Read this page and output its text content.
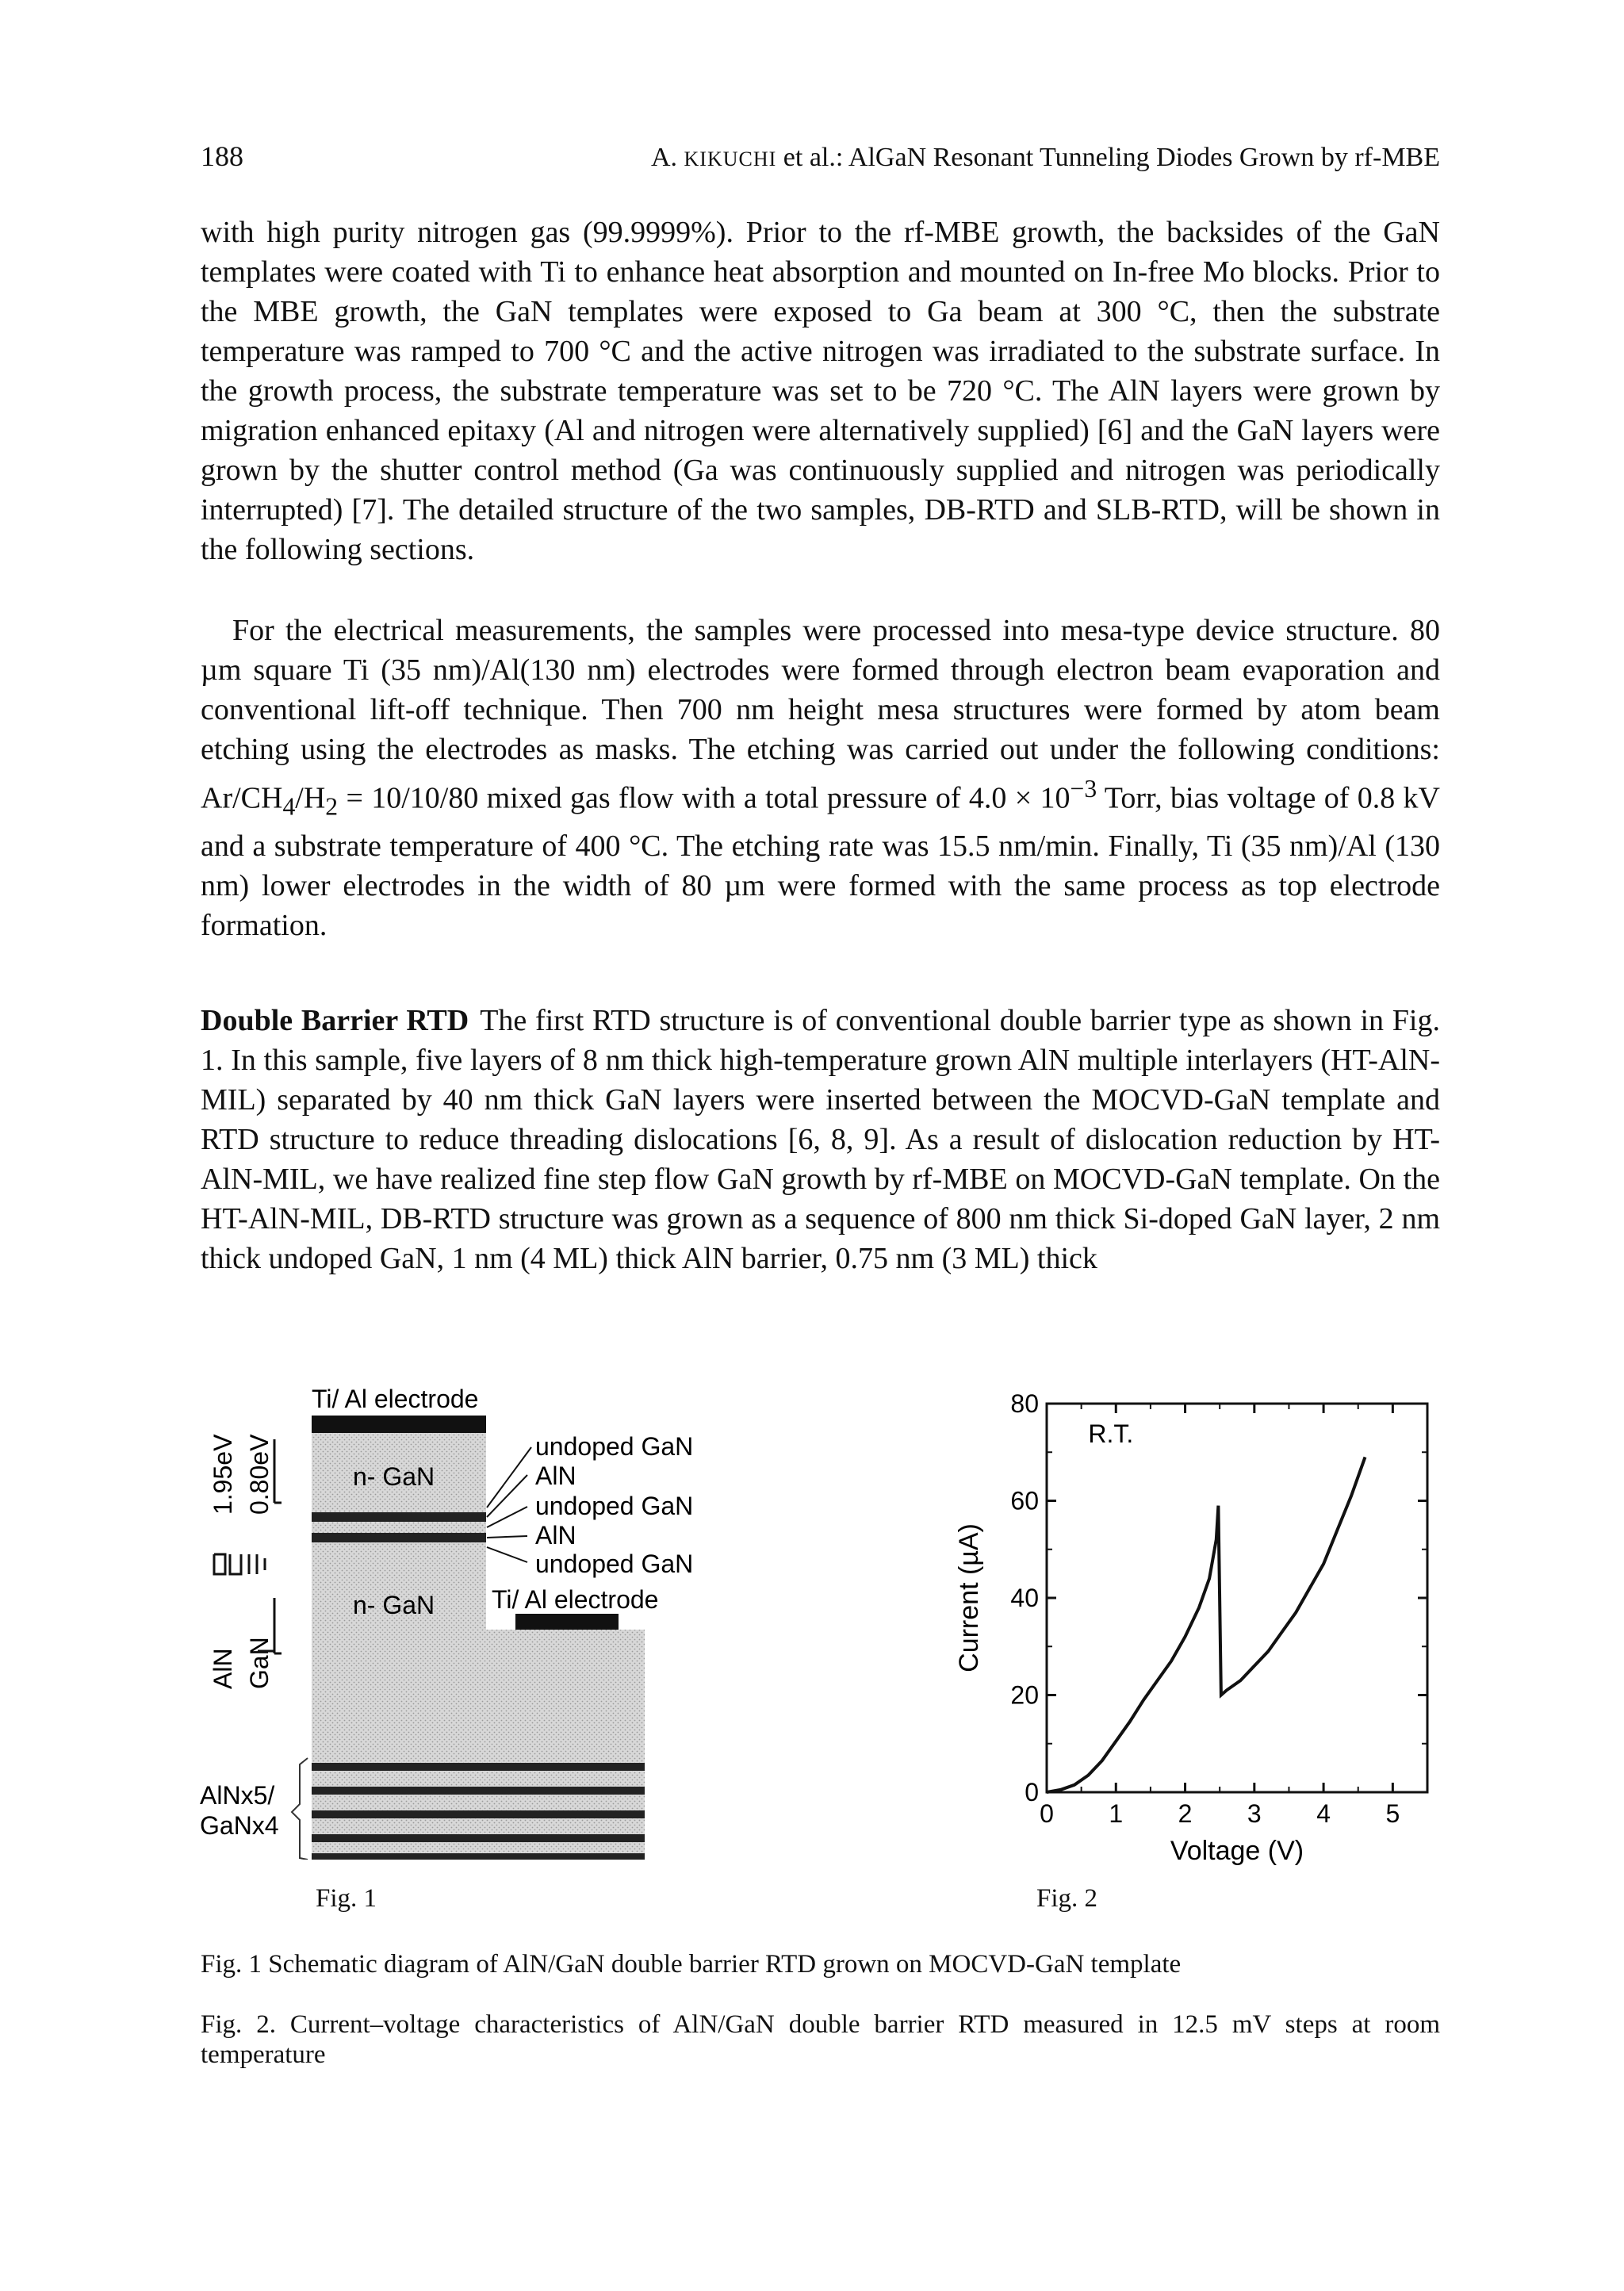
188	A. KIKUCHI et al.: AlGaN Resonant Tunneling Diodes Grown by rf-MBE

with high purity nitrogen gas (99.9999%). Prior to the rf-MBE growth, the backsides of the GaN templates were coated with Ti to enhance heat absorption and mounted on In-free Mo blocks. Prior to the MBE growth, the GaN templates were exposed to Ga beam at 300 °C, then the substrate temperature was ramped to 700 °C and the active nitrogen was irradiated to the substrate surface. In the growth process, the substrate temperature was set to be 720 °C. The AlN layers were grown by migration enhanced epitaxy (Al and nitrogen were alternatively supplied) [6] and the GaN layers were grown by the shutter control method (Ga was continuously supplied and nitrogen was periodically interrupted) [7]. The detailed structure of the two samples, DB-RTD and SLB-RTD, will be shown in the following sections.

For the electrical measurements, the samples were processed into mesa-type device structure. 80 µm square Ti (35 nm)/Al(130 nm) electrodes were formed through electron beam evaporation and conventional lift-off technique. Then 700 nm height mesa structures were formed by atom beam etching using the electrodes as masks. The etching was carried out under the following conditions: $Ar/CH_4/H_2 = 10/10/80$ mixed gas flow with a total pressure of $4.0 \times 10^{-3}$ Torr, bias voltage of 0.8 kV and a substrate temperature of 400 °C. The etching rate was 15.5 nm/min. Finally, Ti (35 nm)/Al (130 nm) lower electrodes in the width of 80 µm were formed with the same process as top electrode formation.

Double Barrier RTD The first RTD structure is of conventional double barrier type as shown in Fig. 1. In this sample, five layers of 8 nm thick high-temperature grown AlN multiple interlayers (HT-AlN-MIL) separated by 40 nm thick GaN layers were inserted between the MOCVD-GaN template and RTD structure to reduce threading dislocations [6, 8, 9]. As a result of dislocation reduction by HT-AlN-MIL, we have realized fine step flow GaN growth by rf-MBE on MOCVD-GaN template. On the HT-AlN-MIL, DB-RTD structure was grown as a sequence of 800 nm thick Si-doped GaN layer, 2 nm thick undoped GaN, 1 nm (4 ML) thick AlN barrier, 0.75 nm (3 ML) thick

1.95eV 0.80eV
AlN GaN
Ti/ Al electrode
n- GaN
n- GaN Ti/ Al electrode
AlNx5/
GaNx4
undoped GaN
AlN
undoped GaN
AlN
undoped GaN
Fig. 1
0 1 2 3 4 5
0
20
40
60
80
R.T.
Voltage (V)
Current (µA)
Fig. 2
Fig. 1 Schematic diagram of AlN/GaN double barrier RTD grown on MOCVD-GaN template
Fig. 2. Current–voltage characteristics of AlN/GaN double barrier RTD measured in 12.5 mV steps at room temperature
